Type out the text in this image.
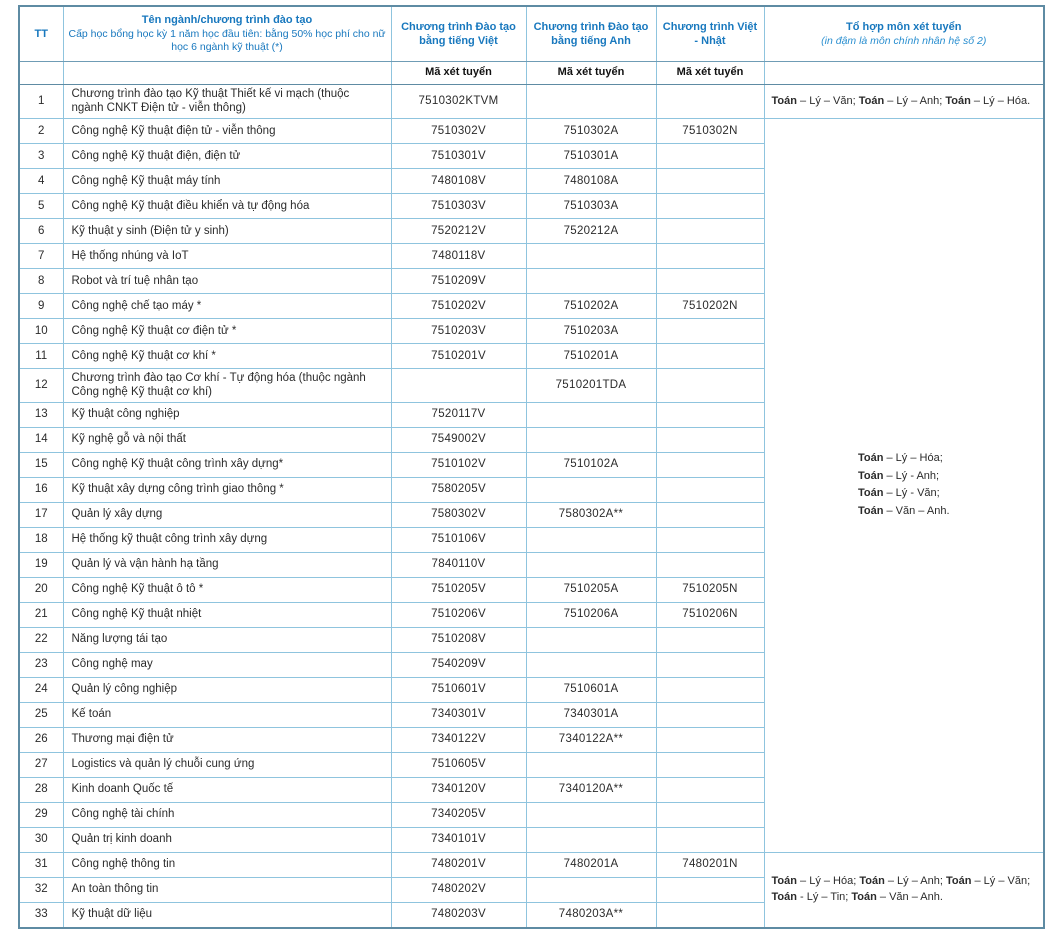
TT	
Tên ngành/chương trình đào tạo
Cấp học bổng học kỳ 1 năm học đầu tiên: bằng 50% học phí cho nữ học 6 ngành kỹ thuật (*)
	Chương trình Đào tạo bằng tiếng Việt	Chương trình Đào tạo bằng tiếng Anh	Chương trình Việt - Nhật	
Tổ hợp môn xét tuyển
(in đậm là môn chính nhân hệ số 2)

		Mã xét tuyển	Mã xét tuyển	Mã xét tuyển	
1	Chương trình đào tạo Kỹ thuật Thiết kế vi mạch (thuộc ngành CNKT Điện tử - viễn thông)	7510302KTVM			Toán – Lý – Văn; Toán – Lý – Anh; Toán – Lý – Hóa.
2	Công nghệ Kỹ thuật điện tử - viễn thông	7510302V	7510302A	7510302N	Toán – Lý – Hóa;
Toán – Lý - Anh;
Toán – Lý - Văn;
Toán – Văn – Anh.

3	Công nghệ Kỹ thuật điện, điện tử	7510301V	7510301A		
4	Công nghệ Kỹ thuật máy tính	7480108V	7480108A		
5	Công nghệ Kỹ thuật điều khiển và tự động hóa	7510303V	7510303A		
6	Kỹ thuật y sinh (Điện tử y sinh)	7520212V	7520212A		
7	Hệ thống nhúng và IoT	7480118V			
8	Robot và trí tuệ nhân tạo	7510209V			
9	Công nghệ chế tạo máy *	7510202V	7510202A	7510202N	
10	Công nghệ Kỹ thuật cơ điện tử *	7510203V	7510203A		
11	Công nghệ Kỹ thuật cơ khí *	7510201V	7510201A		
12	Chương trình đào tạo Cơ khí - Tự động hóa (thuộc ngành Công nghệ Kỹ thuật cơ khí)		7510201TDA		
13	Kỹ thuật công nghiệp	7520117V			
14	Kỹ nghệ gỗ và nội thất	7549002V			
15	Công nghệ Kỹ thuật công trình xây dựng*	7510102V	7510102A		
16	Kỹ thuật xây dựng công trình giao thông *	7580205V			
17	Quản lý xây dựng	7580302V	7580302A**		
18	Hệ thống kỹ thuật công trình xây dựng	7510106V			
19	Quản lý và vận hành hạ tầng	7840110V			
20	Công nghệ Kỹ thuật ô tô *	7510205V	7510205A	7510205N	
21	Công nghệ Kỹ thuật nhiệt	7510206V	7510206A	7510206N	
22	Năng lượng tái tạo	7510208V			
23	Công nghệ may	7540209V			
24	Quản lý công nghiệp	7510601V	7510601A		
25	Kế toán	7340301V	7340301A		
26	Thương mại điện tử	7340122V	7340122A**		
27	Logistics và quản lý chuỗi cung ứng	7510605V			
28	Kinh doanh Quốc tế	7340120V	7340120A**		
29	Công nghệ tài chính	7340205V			
30	Quản trị kinh doanh	7340101V			
31	Công nghệ thông tin	7480201V	7480201A	7480201N	Toán – Lý – Hóa; Toán – Lý – Anh; Toán – Lý – Văn; Toán - Lý – Tin; Toán – Văn – Anh.
32	An toàn thông tin	7480202V			
33	Kỹ thuật dữ liệu	7480203V	7480203A**		
